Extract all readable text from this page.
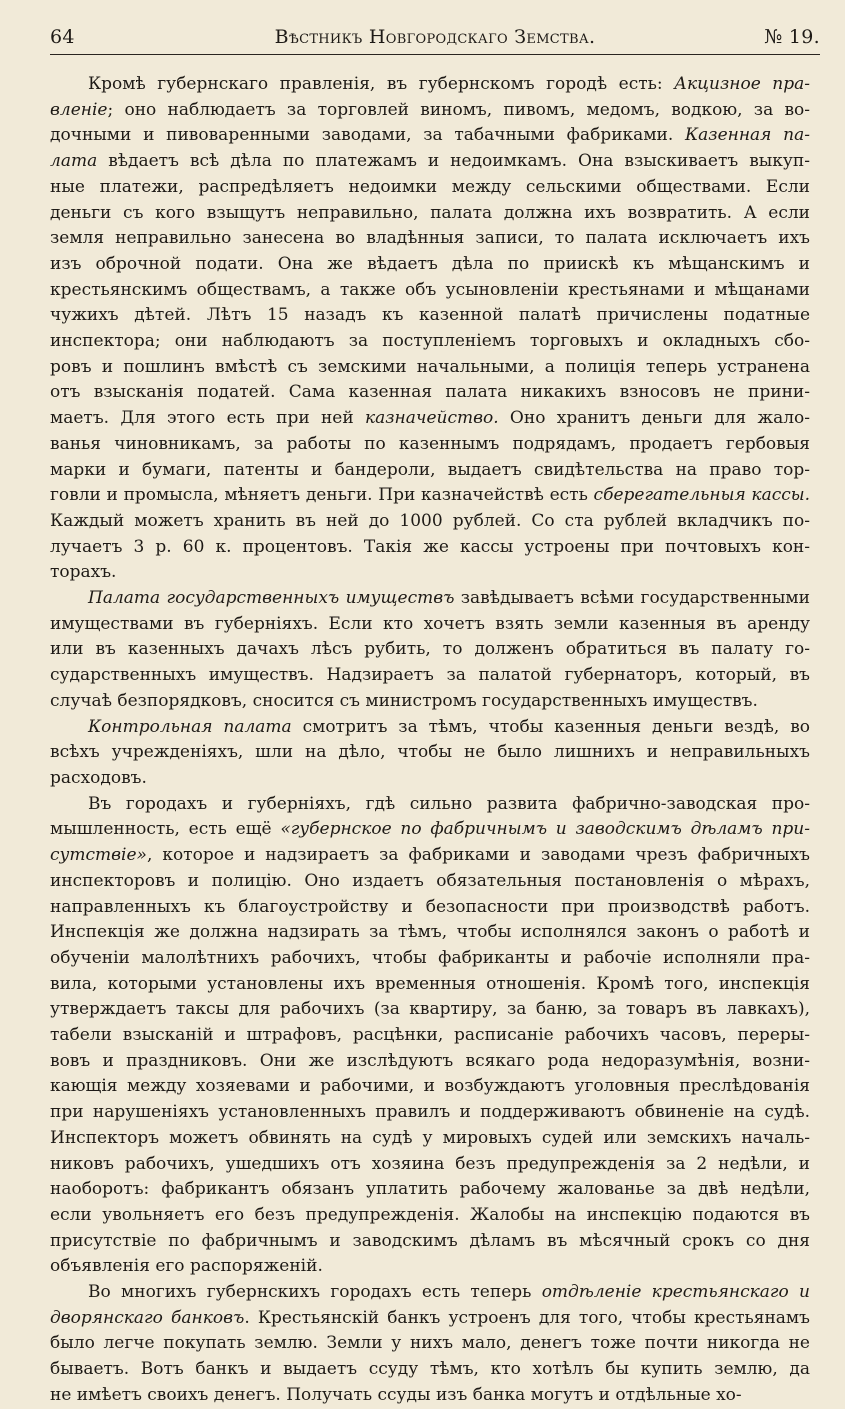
64	Вѣстникъ Новгородскаго Земства.	№ 19.
Кромѣ губернскаго правленія, въ губернскомъ городѣ есть: Акцизное пра-
вленіе; оно наблюдаетъ за торговлей виномъ, пивомъ, медомъ, водкою, за во-
дочными и пивоваренными заводами, за табачными фабриками. Казенная па-
лата вѣдаетъ всѣ дѣла по платежамъ и недоимкамъ. Она взыскиваетъ выкуп-
ные платежи, распредѣляетъ недоимки между сельскими обществами. Если
деньги съ кого взыщутъ неправильно, палата должна ихъ возвратить. А если
земля неправильно занесена во владѣнныя записи, то палата исключаетъ ихъ
изъ оброчной подати. Она же вѣдаетъ дѣла по приискѣ къ мѣщанскимъ и
крестьянскимъ обществамъ, а также объ усыновленіи крестьянами и мѣщанами
чужихъ дѣтей. Лѣтъ 15 назадъ къ казенной палатѣ причислены податные
инспектора; они наблюдаютъ за поступленіемъ торговыхъ и окладныхъ сбо-
ровъ и пошлинъ вмѣстѣ съ земскими начальными, а полиція теперь устранена
отъ взысканія податей. Сама казенная палата никакихъ взносовъ не прини-
маетъ. Для этого есть при ней казначейство. Оно хранитъ деньги для жало-
ванья чиновникамъ, за работы по казеннымъ подрядамъ, продаетъ гербовыя
марки и бумаги, патенты и бандероли, выдаетъ свидѣтельства на право тор-
говли и промысла, мѣняетъ деньги. При казначействѣ есть сберегательныя кассы.
Каждый можетъ хранить въ ней до 1000 рублей. Со ста рублей вкладчикъ по-
лучаетъ 3 р. 60 к. процентовъ. Такія же кассы устроены при почтовыхъ кон-
торахъ.
Палата государственныхъ имуществъ завѣдываетъ всѣми государственными
имуществами въ губерніяхъ. Если кто хочетъ взять земли казенныя въ аренду
или въ казенныхъ дачахъ лѣсъ рубить, то долженъ обратиться въ палату го-
сударственныхъ имуществъ. Надзираетъ за палатой губернаторъ, который, въ
случаѣ безпорядковъ, сносится съ министромъ государственныхъ имуществъ.
Контрольная палата смотритъ за тѣмъ, чтобы казенныя деньги вездѣ, во
всѣхъ учрежденіяхъ, шли на дѣло, чтобы не было лишнихъ и неправильныхъ
расходовъ.
Въ городахъ и губерніяхъ, гдѣ сильно развита фабрично-заводская про-
мышленность, есть ещё «губернское по фабричнымъ и заводскимъ дѣламъ при-
сутствіе», которое и надзираетъ за фабриками и заводами чрезъ фабричныхъ
инспекторовъ и полицію. Оно издаетъ обязательныя постановленія о мѣрахъ,
направленныхъ къ благоустройству и безопасности при производствѣ работъ.
Инспекція же должна надзирать за тѣмъ, чтобы исполнялся законъ о работѣ и
обученіи малолѣтнихъ рабочихъ, чтобы фабриканты и рабочіе исполняли пра-
вила, которыми установлены ихъ временныя отношенія. Кромѣ того, инспекція
утверждаетъ таксы для рабочихъ (за квартиру, за баню, за товаръ въ лавкахъ),
табели взысканій и штрафовъ, расцѣнки, расписаніе рабочихъ часовъ, переры-
вовъ и праздниковъ. Они же изслѣдуютъ всякаго рода недоразумѣнія, возни-
кающія между хозяевами и рабочими, и возбуждаютъ уголовныя преслѣдованія
при нарушеніяхъ установленныхъ правилъ и поддерживаютъ обвиненіе на судѣ.
Инспекторъ можетъ обвинять на судѣ у мировыхъ судей или земскихъ началь-
никовъ рабочихъ, ушедшихъ отъ хозяина безъ предупрежденія за 2 недѣли, и
наоборотъ: фабрикантъ обязанъ уплатить рабочему жалованье за двѣ недѣли,
если увольняетъ его безъ предупрежденія. Жалобы на инспекцію подаются въ
присутствіе по фабричнымъ и заводскимъ дѣламъ въ мѣсячный срокъ со дня
объявленія его распоряженій.
Во многихъ губернскихъ городахъ есть теперь отдѣленіе крестьянскаго и
дворянскаго банковъ. Крестьянскій банкъ устроенъ для того, чтобы крестьянамъ
было легче покупать землю. Земли у нихъ мало, денегъ тоже почти никогда не
бываетъ. Вотъ банкъ и выдаетъ ссуду тѣмъ, кто хотѣлъ бы купить землю, да
не имѣетъ своихъ денегъ. Получать ссуды изъ банка могутъ и отдѣльные хо-
